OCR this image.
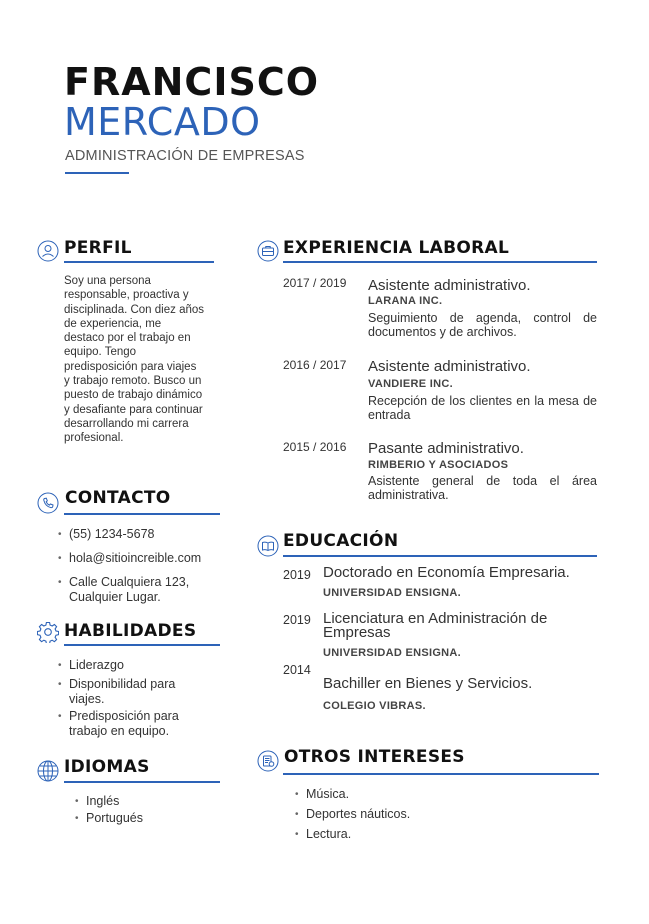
FRANCISCO
MERCADO
ADMINISTRACIÓN DE EMPRESAS
PERFIL
Soy una persona responsable, proactiva y disciplinada. Con diez años de experiencia, me destaco por el trabajo en equipo. Tengo predisposición para viajes y trabajo remoto. Busco un puesto de trabajo dinámico y desafiante para continuar desarrollando mi carrera profesional.
CONTACTO
• (55) 1234-5678
• hola@sitioincreible.com
• Calle Cualquiera 123, Cualquier Lugar.
HABILIDADES
• Liderazgo
• Disponibilidad para viajes.
• Predisposición para trabajo en equipo.
IDIOMAS
• Inglés
• Portugués
EXPERIENCIA LABORAL
2017 / 2019 Asistente administrativo.
LARANA INC.
Seguimiento de agenda, control de documentos y de archivos.
2016 / 2017 Asistente administrativo.
VANDIERE INC.
Recepción de los clientes en la mesa de entrada
2015 / 2016 Pasante administrativo.
RIMBERIO Y ASOCIADOS
Asistente general de toda el área administrativa.
EDUCACIÓN
2019 Doctorado en Economía Empresaria.
UNIVERSIDAD ENSIGNA.
2019 Licenciatura en Administración de Empresas
UNIVERSIDAD ENSIGNA.
2014
Bachiller en Bienes y Servicios.
COLEGIO VIBRAS.
OTROS INTERESES
• Música.
• Deportes náuticos.
• Lectura.
